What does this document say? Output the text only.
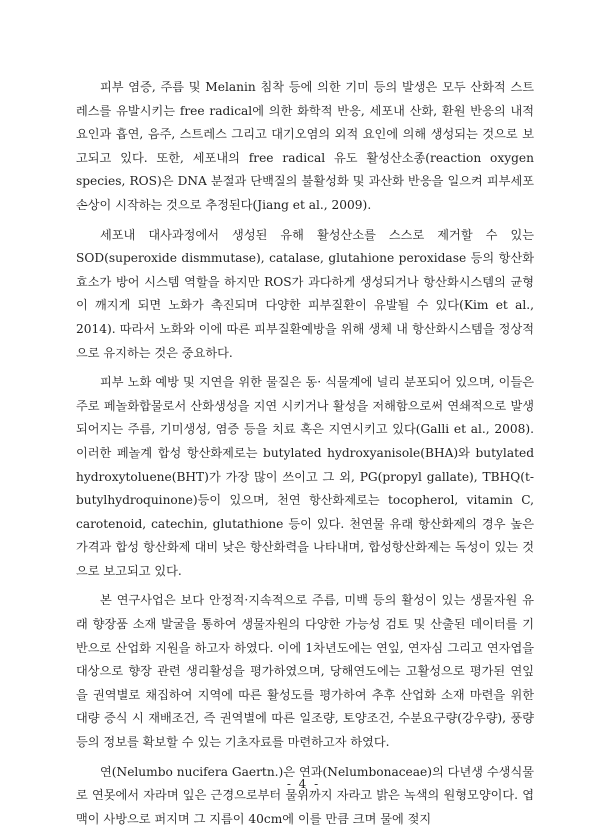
피부 염증, 주름 및 Melanin 침착 등에 의한 기미 등의 발생은 모두 산화적 스트레스를 유발시키는 free radical에 의한 화학적 반응, 세포내 산화, 환원 반응의 내적 요인과 흡연, 음주, 스트레스 그리고 대기오염의 외적 요인에 의해 생성되는 것으로 보고되고 있다. 또한, 세포내의 free radical 유도 활성산소종(reaction oxygen species, ROS)은 DNA 분절과 단백질의 불활성화 및 과산화 반응을 일으켜 피부세포손상이 시작하는 것으로 추정된다(Jiang et al., 2009).

세포내 대사과정에서 생성된 유해 활성산소를 스스로 제거할 수 있는 SOD(superoxide dismmutase), catalase, glutahione peroxidase 등의 항산화 효소가 방어 시스템 역할을 하지만 ROS가 과다하게 생성되거나 항산화시스템의 균형이 깨지게 되면 노화가 촉진되며 다양한 피부질환이 유발될 수 있다(Kim et al., 2014). 따라서 노화와 이에 따른 피부질환예방을 위해 생체 내 항산화시스템을 정상적으로 유지하는 것은 중요하다.

피부 노화 예방 및 지연을 위한 물질은 동· 식물계에 널리 분포되어 있으며, 이들은 주로 페놀화합물로서 산화생성을 지연 시키거나 활성을 저해함으로써 연쇄적으로 발생되어지는 주름, 기미생성, 염증 등을 치료 혹은 지연시키고 있다(Galli et al., 2008). 이러한 페놀계 합성 항산화제로는 butylated hydroxyanisole(BHA)와 butylated hydroxytoluene(BHT)가 가장 많이 쓰이고 그 외, PG(propyl gallate), TBHQ(t-butylhydroquinone)등이 있으며, 천연 항산화제로는 tocopherol, vitamin C, carotenoid, catechin, glutathione 등이 있다. 천연물 유래 항산화제의 경우 높은 가격과 합성 항산화제 대비 낮은 항산화력을 나타내며, 합성항산화제는 독성이 있는 것으로 보고되고 있다.

본 연구사업은 보다 안정적·지속적으로 주름, 미백 등의 활성이 있는 생물자원 유래 향장품 소재 발굴을 통하여 생물자원의 다양한 가능성 검토 및 산출된 데이터를 기반으로 산업화 지원을 하고자 하였다. 이에 1차년도에는 연잎, 연자심 그리고 연자엽을 대상으로 향장 관련 생리활성을 평가하였으며, 당해연도에는 고활성으로 평가된 연잎을 권역별로 채집하여 지역에 따른 활성도를 평가하여 추후 산업화 소재 마련을 위한 대량 증식 시 재배조건, 즉 권역별에 따른 일조량, 토양조건, 수분요구량(강우량), 풍량 등의 정보를 확보할 수 있는 기초자료를 마련하고자 하였다.

연(Nelumbo nucifera Gaertn.)은 연과(Nelumbonaceae)의 다년생 수생식물로 연못에서 자라며 잎은 근경으로부터 물위까지 자라고 밝은 녹색의 원형모양이다. 엽맥이 사방으로 퍼지며 그 지름이 40cm에 이를 만큼 크며 물에 젖지

- 4 -
